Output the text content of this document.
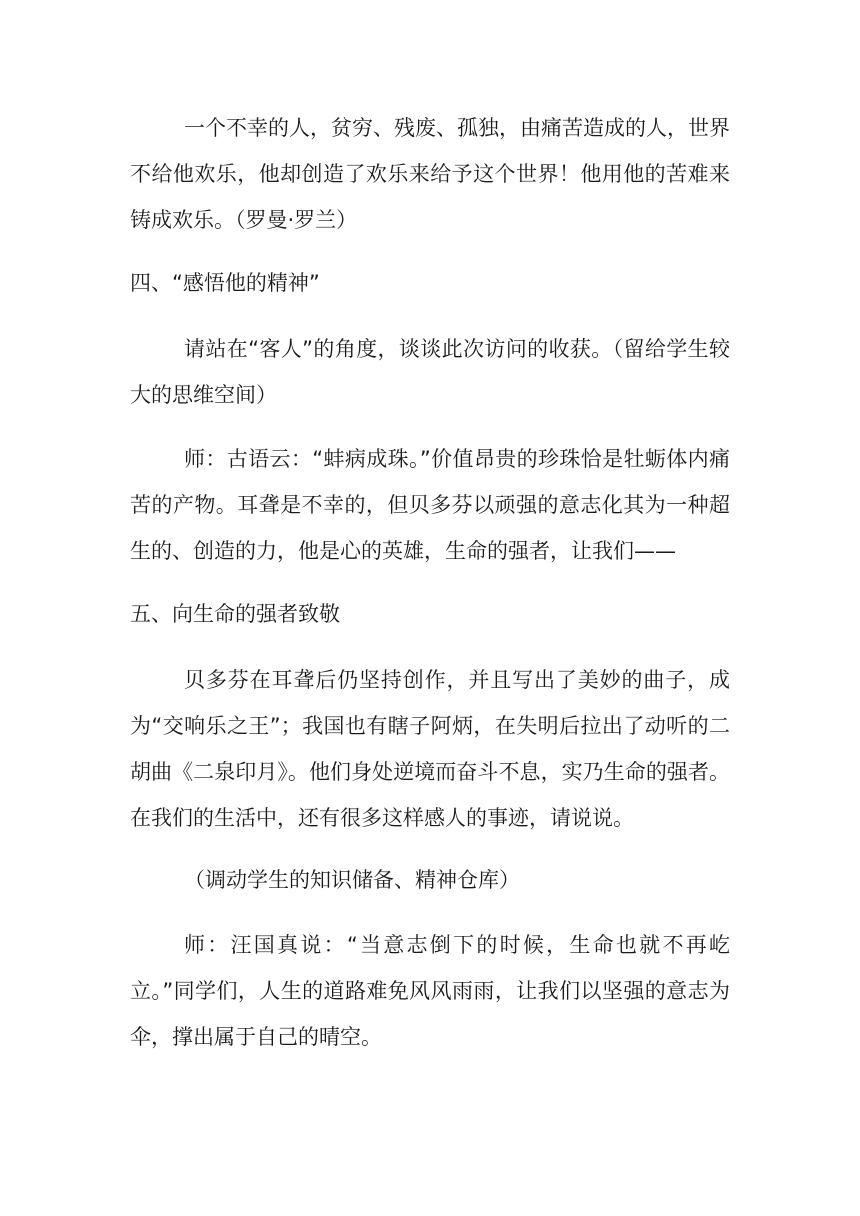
一个不幸的人，贫穷、残废、孤独，由痛苦造成的人，世界不给他欢乐，他却创造了欢乐来给予这个世界！他用他的苦难来铸成欢乐。（罗曼·罗兰）

四、“感悟他的精神”

请站在“客人”的角度，谈谈此次访问的收获。（留给学生较大的思维空间）

师：古语云：“蚌病成珠。”价值昂贵的珍珠恰是牡蛎体内痛苦的产物。耳聋是不幸的，但贝多芬以顽强的意志化其为一种超生的、创造的力，他是心的英雄，生命的强者，让我们——

五、向生命的强者致敬

贝多芬在耳聋后仍坚持创作，并且写出了美妙的曲子，成为“交响乐之王”；我国也有瞎子阿炳，在失明后拉出了动听的二胡曲《二泉印月》。他们身处逆境而奋斗不息，实乃生命的强者。在我们的生活中，还有很多这样感人的事迹，请说说。

（调动学生的知识储备、精神仓库）

师：汪国真说：“当意志倒下的时候，生命也就不再屹立。”同学们，人生的道路难免风风雨雨，让我们以坚强的意志为伞，撑出属于自己的晴空。
